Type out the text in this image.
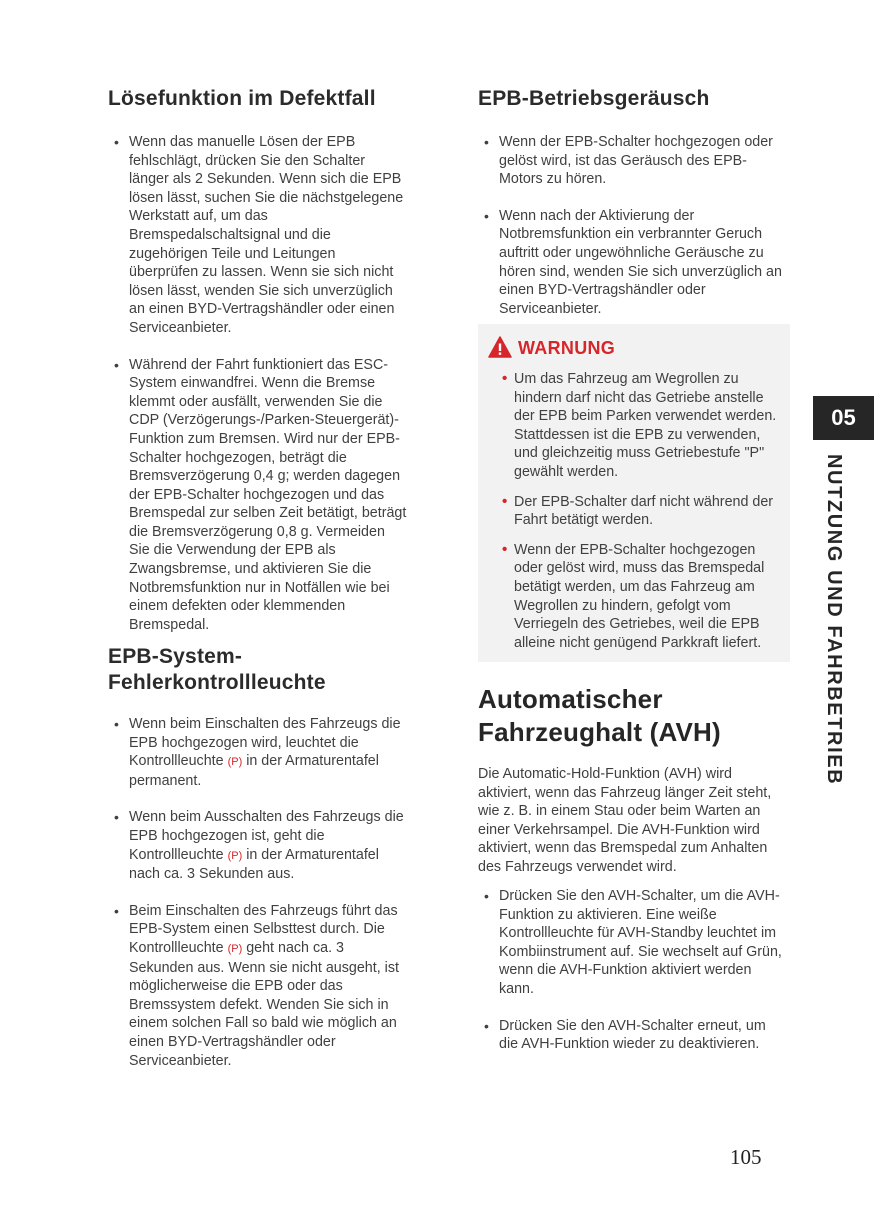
Lösefunktion im Defektfall
• Wenn das manuelle Lösen der EPB fehlschlägt, drücken Sie den Schalter länger als 2 Sekunden. Wenn sich die EPB lösen lässt, suchen Sie die nächstgelegene Werkstatt auf, um das Bremspedalschaltsignal und die zugehörigen Teile und Leitungen überprüfen zu lassen. Wenn sie sich nicht lösen lässt, wenden Sie sich unverzüglich an einen BYD-Vertragshändler oder einen Serviceanbieter.
• Während der Fahrt funktioniert das ESC-System einwandfrei. Wenn die Bremse klemmt oder ausfällt, verwenden Sie die CDP (Verzögerungs-/Parken-Steuergerät)-Funktion zum Bremsen. Wird nur der EPB-Schalter hochgezogen, beträgt die Bremsverzögerung 0,4 g; werden dagegen der EPB-Schalter hochgezogen und das Bremspedal zur selben Zeit betätigt, beträgt die Bremsverzögerung 0,8 g. Vermeiden Sie die Verwendung der EPB als Zwangsbremse, und aktivieren Sie die Notbremsfunktion nur in Notfällen wie bei einem defekten oder klemmenden Bremspedal.
EPB-System-
Fehlerkontrollleuchte
• Wenn beim Einschalten des Fahrzeugs die EPB hochgezogen wird, leuchtet die Kontrollleuchte (P) in der Armaturentafel permanent.
• Wenn beim Ausschalten des Fahrzeugs die EPB hochgezogen ist, geht die Kontrollleuchte (P) in der Armaturentafel nach ca. 3 Sekunden aus.
• Beim Einschalten des Fahrzeugs führt das EPB-System einen Selbsttest durch. Die Kontrollleuchte (P) geht nach ca. 3 Sekunden aus. Wenn sie nicht ausgeht, ist möglicherweise die EPB oder das Bremssystem defekt. Wenden Sie sich in einem solchen Fall so bald wie möglich an einen BYD-Vertragshändler oder Serviceanbieter.
EPB-Betriebsgeräusch
• Wenn der EPB-Schalter hochgezogen oder gelöst wird, ist das Geräusch des EPB-Motors zu hören.
• Wenn nach der Aktivierung der Notbremsfunktion ein verbrannter Geruch auftritt oder ungewöhnliche Geräusche zu hören sind, wenden Sie sich unverzüglich an einen BYD-Vertragshändler oder Serviceanbieter.
WARNUNG
• Um das Fahrzeug am Wegrollen zu hindern darf nicht das Getriebe anstelle der EPB beim Parken verwendet werden. Stattdessen ist die EPB zu verwenden, und gleichzeitig muss Getriebestufe "P" gewählt werden.
• Der EPB-Schalter darf nicht während der Fahrt betätigt werden.
• Wenn der EPB-Schalter hochgezogen oder gelöst wird, muss das Bremspedal betätigt werden, um das Fahrzeug am Wegrollen zu hindern, gefolgt vom Verriegeln des Getriebes, weil die EPB alleine nicht genügend Parkkraft liefert.
Automatischer
Fahrzeughalt (AVH)

Die Automatic-Hold-Funktion (AVH) wird aktiviert, wenn das Fahrzeug länger Zeit steht, wie z. B. in einem Stau oder beim Warten an einer Verkehrsampel. Die AVH-Funktion wird aktiviert, wenn das Bremspedal zum Anhalten des Fahrzeugs verwendet wird.

• Drücken Sie den AVH-Schalter, um die AVH-Funktion zu aktivieren. Eine weiße Kontrollleuchte für AVH-Standby leuchtet im Kombiinstrument auf. Sie wechselt auf Grün, wenn die AVH-Funktion aktiviert werden kann.
• Drücken Sie den AVH-Schalter erneut, um die AVH-Funktion wieder zu deaktivieren.
05
NUTZUNG UND FAHRBETRIEB
105
